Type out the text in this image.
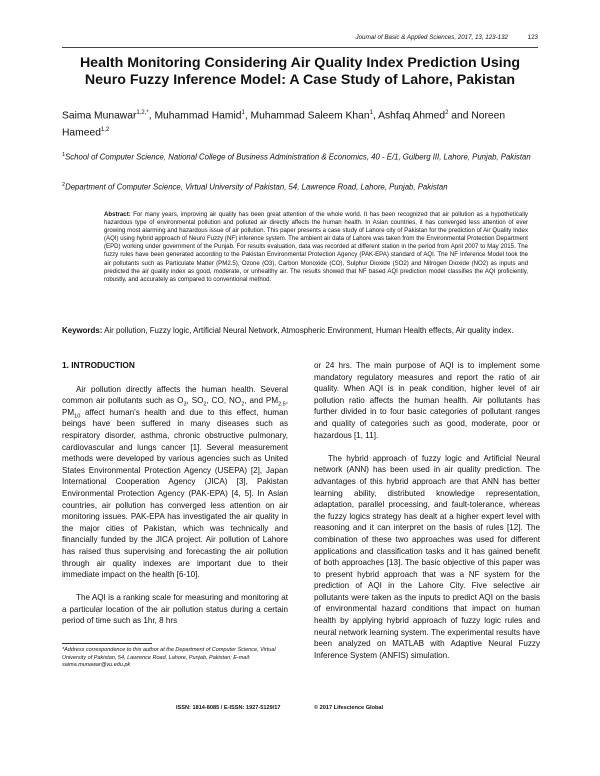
Journal of Basic & Applied Sciences, 2017, 13, 123-132	123
Health Monitoring Considering Air Quality Index Prediction Using Neuro Fuzzy Inference Model: A Case Study of Lahore, Pakistan
Saima Munawar$^{1,2,*}$, Muhammad Hamid$^1$, Muhammad Saleem Khan$^1$, Ashfaq Ahmed$^2$ and Noreen Hameed$^{1,2}$
$^1$School of Computer Science, National College of Business Administration & Economics, 40 - E/1, Gulberg III, Lahore, Punjab, Pakistan
$^2$Department of Computer Science, Virtual University of Pakistan, 54, Lawrence Road, Lahore, Punjab, Pakistan
Abstract: For many years, improving air quality has been great attention of the whole world. It has been recognized that air pollution as a hypothetically hazardous type of environmental pollution and polluted air directly affects the human health. In Asian countries, it has converged less attention of ever growing most alarming and hazardous issue of air pollution. This paper presents a case study of Lahore city of Pakistan for the prediction of Air Quality Index (AQI) using hybrid approach of Neuro Fuzzy (NF) inference system. The ambient air data of Lahore was taken from the Environmental Protection Department (EPD) working under government of the Punjab. For results evaluation, data was recorded at different station in the period from April 2007 to May 2015. The fuzzy rules have been generated according to the Pakistan Environmental Protection Agency (PAK-EPA) standard of AQI. The NF Inference Model took the air pollutants such as Particulate Matter (PM2.5), Ozone (O3), Carbon Monoxide (CO), Sulphur Dioxide (SO2) and Nitrogen Dioxide (NO2) as inputs and predicted the air quality index as good, moderate, or unhealthy air. The results showed that NF based AQI prediction model classifies the AQI proficiently, robustly, and accurately as compared to conventional method.
Keywords: Air pollution, Fuzzy logic, Artificial Neural Network, Atmospheric Environment, Human Health effects, Air quality index.
1. INTRODUCTION

Air pollution directly affects the human health. Several common air pollutants such as $O_3$, $SO_2$, CO, $NO_2$, and $PM_{2.5}$, $PM_{10}$ affect human's health and due to this effect, human beings have been suffered in many diseases such as respiratory disorder, asthma, chronic obstructive pulmonary, cardiovascular and lungs cancer [1]. Several measurement methods were developed by various agencies such as United States Environmental Protection Agency (USEPA) [2], Japan International Cooperation Agency (JICA) [3], Pakistan Environmental Protection Agency (PAK-EPA) [4, 5]. In Asian countries, air pollution has converged less attention on air monitoring issues. PAK-EPA has investigated the air quality in the major cities of Pakistan, which was technically and financially funded by the JICA project. Air pollution of Lahore has raised thus supervising and forecasting the air pollution through air quality indexes are important due to their immediate impact on the health [6-10].

The AQI is a ranking scale for measuring and monitoring at a particular location of the air pollution status during a certain period of time such as 1hr, 8 hrs

or 24 hrs. The main purpose of AQI is to implement some mandatory regulatory measures and report the ratio of air quality. When AQI is in peak condition, higher level of air pollution ratio affects the human health. Air pollutants has further divided in to four basic categories of pollutant ranges and quality of categories such as good, moderate, poor or hazardous [1, 11].

The hybrid approach of fuzzy logic and Artificial Neural network (ANN) has been used in air quality prediction. The advantages of this hybrid approach are that ANN has better learning ability, distributed knowledge representation, adaptation, parallel processing, and fault-tolerance, whereas the fuzzy logics strategy has dealt at a higher expert level with reasoning and it can interpret on the basis of rules [12]. The combination of these two approaches was used for different applications and classification tasks and it has gained benefit of both approaches [13]. The basic objective of this paper was to present hybrid approach that was a NF system for the prediction of AQI in the Lahore City. Five selective air pollutants were taken as the inputs to predict AQI on the basis of environmental hazard conditions that impact on human health by applying hybrid approach of fuzzy logic rules and neural network learning system. The experimental results have been analyzed on MATLAB with Adaptive Neural Fuzzy Inference System (ANFIS) simulation.

*Address correspondence to this author at the Department of Computer Science, Virtual University of Pakistan, 54, Lawrence Road, Lahore, Punjab, Pakistan; E-mail: saima.munawar@vu.edu.pk
ISSN: 1814-8085 / E-ISSN: 1927-5129/17	© 2017 Lifescience Global
